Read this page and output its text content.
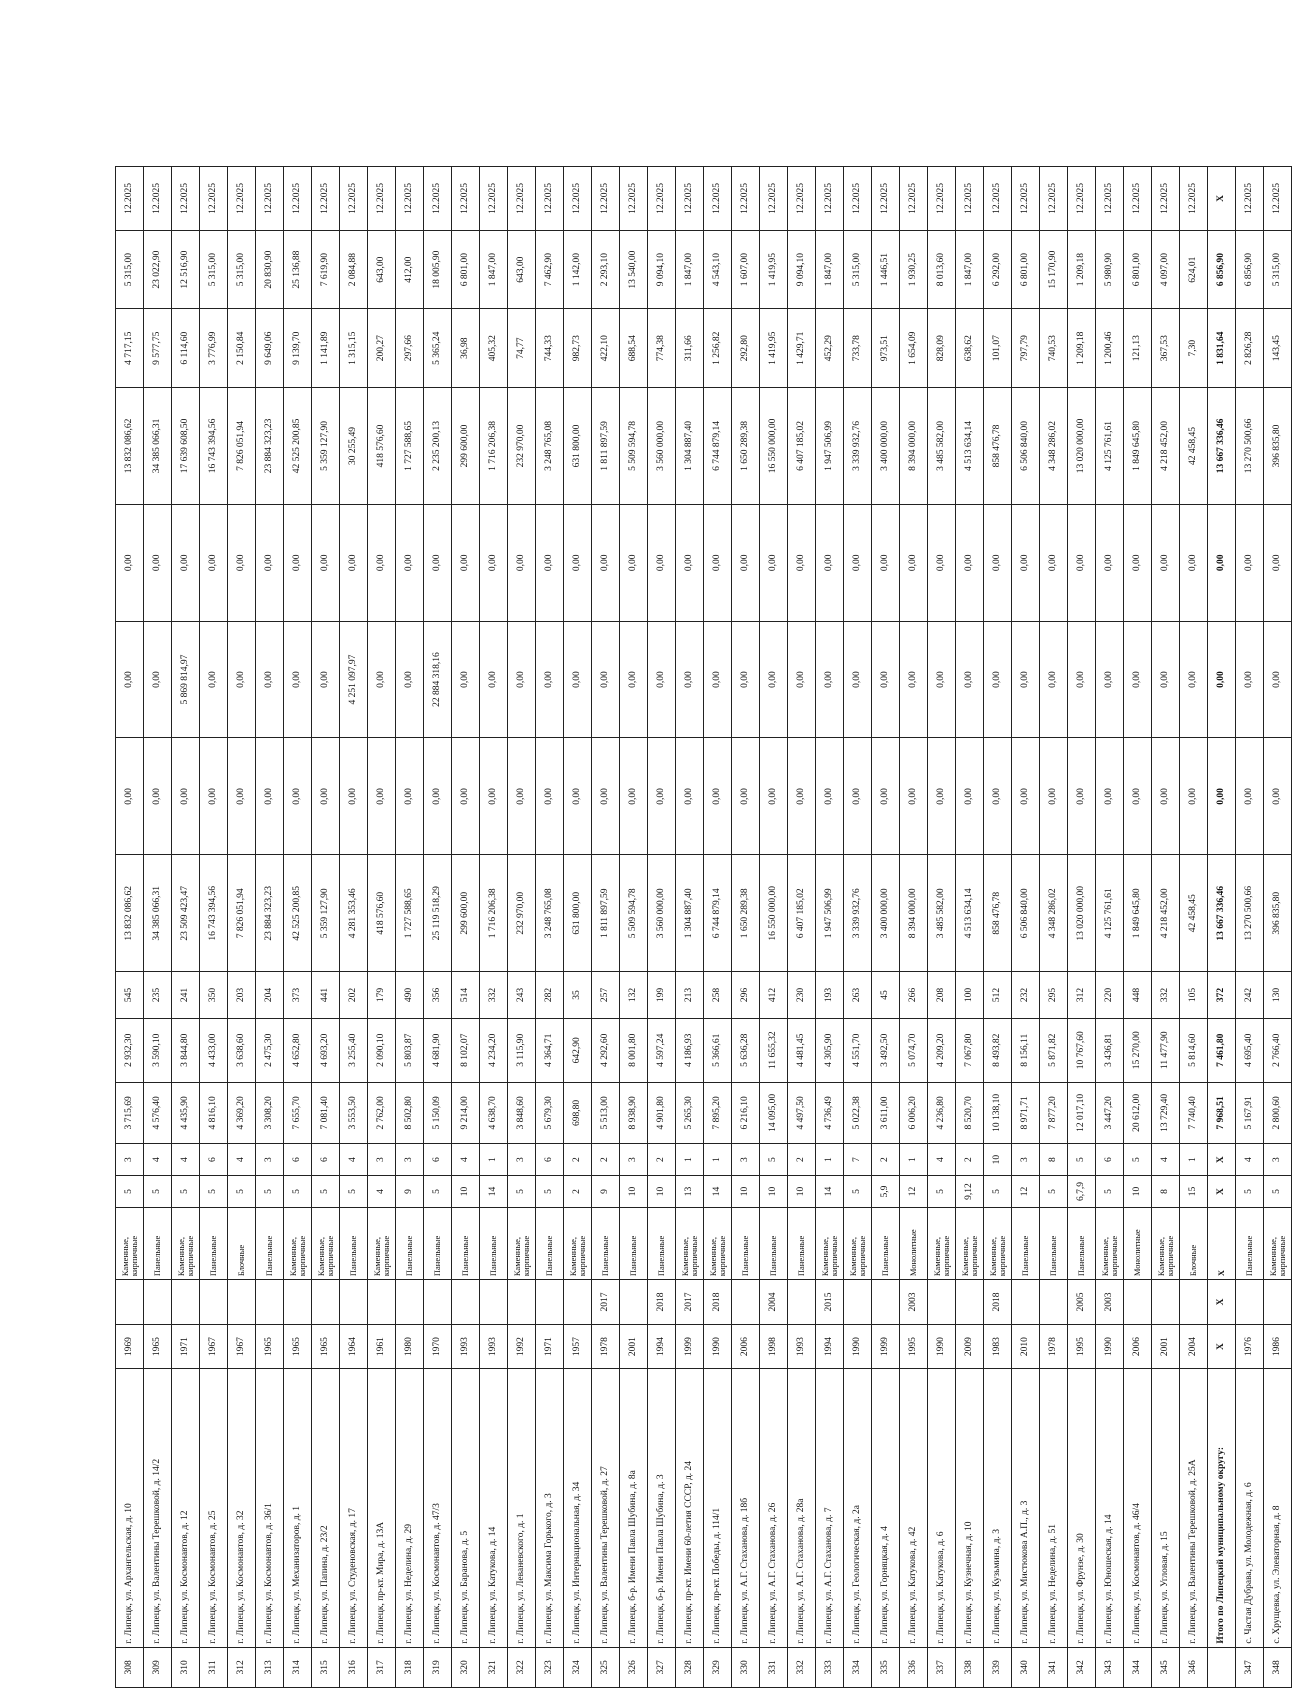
308	г. Липецк, ул. Архангельская, д. 10	1969		Каменные, кирпичные	5	3	3 715,69	2 932,30	545	13 832 086,62	0,00	0,00	0,00	13 832 086,62	4 717,15	5 315,00	12.2025
309	г. Липецк, ул. Валентины Терешковой, д. 14/2	1965		Панельные	5	4	4 576,40	3 590,10	235	34 385 066,31	0,00	0,00	0,00	34 385 066,31	9 577,75	23 022,90	12.2025
310	г. Липецк, ул. Космонавтов, д. 12	1971		Каменные, кирпичные	5	4	4 435,90	3 844,80	241	23 509 423,47	0,00	5 869 814,97	0,00	17 639 608,50	6 114,60	12 516,90	12.2025
311	г. Липецк, ул. Космонавтов, д. 25	1967		Панельные	5	6	4 816,10	4 433,00	350	16 743 394,56	0,00	0,00	0,00	16 743 394,56	3 776,99	5 315,00	12.2025
312	г. Липецк, ул. Космонавтов, д. 32	1967		Блочные	5	4	4 369,20	3 638,60	203	7 826 051,94	0,00	0,00	0,00	7 826 051,94	2 150,84	5 315,00	12.2025
313	г. Липецк, ул. Космонавтов, д. 36/1	1965		Панельные	5	3	3 308,20	2 475,30	204	23 884 323,23	0,00	0,00	0,00	23 884 323,23	9 649,06	20 830,90	12.2025
314	г. Липецк, ул. Механизаторов, д. 1	1965		Каменные, кирпичные	5	6	7 655,70	4 652,80	373	42 525 200,85	0,00	0,00	0,00	42 525 200,85	9 139,70	25 136,88	12.2025
315	г. Липецк, ул. Папина, д. 23/2	1965		Каменные, кирпичные	5	6	7 081,40	4 693,20	441	5 359 127,90	0,00	0,00	0,00	5 359 127,90	1 141,89	7 619,90	12.2025
316	г. Липецк, ул. Студеновская, д. 17	1964		Панельные	5	4	3 553,50	3 255,40	202	4 281 353,46	0,00	4 251 097,97	0,00	30 255,49	1 315,15	2 084,88	12.2025
317	г. Липецк, пр-кт. Мира, д. 13А	1961		Каменные, кирпичные	4	3	2 762,00	2 090,10	179	418 576,60	0,00	0,00	0,00	418 576,60	200,27	643,00	12.2025
318	г. Липецк, ул. Неделина, д. 29	1980		Панельные	9	3	8 502,80	5 803,87	490	1 727 588,65	0,00	0,00	0,00	1 727 588,65	297,66	412,00	12.2025
319	г. Липецк, ул. Космонавтов, д. 47/3	1970		Панельные	5	6	5 150,09	4 681,90	356	25 119 518,29	0,00	22 884 318,16	0,00	2 235 200,13	5 365,24	18 005,90	12.2025
320	г. Липецк, ул. Баранова, д. 5	1993		Панельные	10	4	9 214,00	8 102,07	514	299 600,00	0,00	0,00	0,00	299 600,00	36,98	6 801,00	12.2025
321	г. Липецк, ул. Катукова, д. 14	1993		Панельные	14	1	4 638,70	4 234,20	332	1 716 206,38	0,00	0,00	0,00	1 716 206,38	405,32	1 847,00	12.2025
322	г. Липецк, ул. Леваневского, д. 1	1992		Каменные, кирпичные	5	3	3 848,60	3 115,90	243	232 970,00	0,00	0,00	0,00	232 970,00	74,77	643,00	12.2025
323	г. Липецк, ул. Максима Горького, д. 3	1971		Панельные	5	6	5 679,30	4 364,71	282	3 248 765,08	0,00	0,00	0,00	3 248 765,08	744,33	7 462,90	12.2025
324	г. Липецк, ул. Интернациональная, д. 34	1957		Каменные, кирпичные	2	2	698,80	642,90	35	631 800,00	0,00	0,00	0,00	631 800,00	982,73	1 142,00	12.2025
325	г. Липецк, ул. Валентины Терешковой, д. 27	1978	2017	Панельные	9	2	5 513,00	4 292,60	257	1 811 897,59	0,00	0,00	0,00	1 811 897,59	422,10	2 293,10	12.2025
326	г. Липецк, б-р. Имени Павла Шубина, д. 8а	2001		Панельные	10	3	8 938,90	8 001,80	132	5 509 594,78	0,00	0,00	0,00	5 509 594,78	688,54	13 540,00	12.2025
327	г. Липецк, б-р. Имени Павла Шубина, д. 3	1994	2018	Панельные	10	2	4 901,80	4 597,24	199	3 560 000,00	0,00	0,00	0,00	3 560 000,00	774,38	9 094,10	12.2025
328	г. Липецк, пр-кт. Имени 60-летия СССР, д. 24	1999	2017	Каменные, кирпичные	13	1	5 265,30	4 186,93	213	1 304 887,40	0,00	0,00	0,00	1 304 887,40	311,66	1 847,00	12.2025
329	г. Липецк, пр-кт. Победы, д. 114/1	1990	2018	Каменные, кирпичные	14	1	7 895,20	5 366,61	258	6 744 879,14	0,00	0,00	0,00	6 744 879,14	1 256,82	4 543,10	12.2025
330	г. Липецк, ул. А.Г. Стаханова, д. 18б	2006		Панельные	10	3	6 216,10	5 636,28	296	1 650 289,38	0,00	0,00	0,00	1 650 289,38	292,80	1 607,00	12.2025
331	г. Липецк, ул. А.Г. Стаханова, д. 26	1998	2004	Панельные	10	5	14 095,00	11 655,32	412	16 550 000,00	0,00	0,00	0,00	16 550 000,00	1 419,95	1 419,95	12.2025
332	г. Липецк, ул. А.Г. Стаханова, д. 28а	1993		Панельные	10	2	4 497,50	4 481,45	230	6 407 185,02	0,00	0,00	0,00	6 407 185,02	1 429,71	9 094,10	12.2025
333	г. Липецк, ул. А.Г. Стаханова, д. 7	1994	2015	Каменные, кирпичные	14	1	4 736,49	4 305,90	193	1 947 506,99	0,00	0,00	0,00	1 947 506,99	452,29	1 847,00	12.2025
334	г. Липецк, ул. Геологическая, д. 2а	1990		Каменные, кирпичные	5	7	5 022,38	4 551,70	263	3 339 932,76	0,00	0,00	0,00	3 339 932,76	733,78	5 315,00	12.2025
335	г. Липецк, ул. Горняцкая, д. 4	1999		Панельные	5,9	2	3 611,00	3 492,50	45	3 400 000,00	0,00	0,00	0,00	3 400 000,00	973,51	1 446,51	12.2025
336	г. Липецк, ул. Катукова, д. 42	1995	2003	Монолитные	12	1	6 006,20	5 074,70	266	8 394 000,00	0,00	0,00	0,00	8 394 000,00	1 654,09	1 930,25	12.2025
337	г. Липецк, ул. Катукова, д. 6	1990		Каменные, кирпичные	5	4	4 236,80	4 209,20	208	3 485 582,00	0,00	0,00	0,00	3 485 582,00	828,09	8 013,60	12.2025
338	г. Липецк, ул. Кузнечная, д. 10	2009		Каменные, кирпичные	9,12	2	8 520,70	7 067,80	100	4 513 634,14	0,00	0,00	0,00	4 513 634,14	638,62	1 847,00	12.2025
339	г. Липецк, ул. Кузьмина, д. 3	1983	2018	Каменные, кирпичные	5	10	10 138,10	8 493,82	512	858 476,78	0,00	0,00	0,00	858 476,78	101,07	6 292,00	12.2025
340	г. Липецк, ул. Мистюкова А.П., д. 3	2010		Панельные	12	3	8 971,71	8 156,11	232	6 506 840,00	0,00	0,00	0,00	6 506 840,00	797,79	6 801,00	12.2025
341	г. Липецк, ул. Неделина, д. 51	1978		Панельные	5	8	7 877,20	5 871,82	295	4 348 286,02	0,00	0,00	0,00	4 348 286,02	740,53	15 170,90	12.2025
342	г. Липецк, ул. Фрунзе, д. 30	1995	2005	Панельные	6,7,9	5	12 017,10	10 767,60	312	13 020 000,00	0,00	0,00	0,00	13 020 000,00	1 209,18	1 209,18	12.2025
343	г. Липецк, ул. Юношеская, д. 14	1990	2003	Каменные, кирпичные	5	6	3 447,20	3 436,81	220	4 125 761,61	0,00	0,00	0,00	4 125 761,61	1 200,46	5 980,90	12.2025
344	г. Липецк, ул. Космонавтов, д. 46/4	2006		Монолитные	10	5	20 612,00	15 270,00	448	1 849 645,80	0,00	0,00	0,00	1 849 645,80	121,13	6 801,00	12.2025
345	г. Липецк, ул. Угловая, д. 15	2001		Каменные, кирпичные	8	4	13 729,40	11 477,90	332	4 218 452,00	0,00	0,00	0,00	4 218 452,00	367,53	4 097,00	12.2025
346	г. Липецк, ул. Валентины Терешковой, д. 25А	2004		Блочные	15	1	7 740,40	5 814,60	105	42 458,45	0,00	0,00	0,00	42 458,45	7,30	624,01	12.2025
	Итого по Липецкий муниципальному округу:	X	X	X	X	X	7 968,51	7 461,80	372	13 667 336,46	0,00	0,00	0,00	13 667 336,46	1 831,64	6 856,90	X
347	с. Частая Дубрава, ул. Молодежная, д. 6	1976		Панельные	5	4	5 167,91	4 695,40	242	13 270 500,66	0,00	0,00	0,00	13 270 500,66	2 826,28	6 856,90	12.2025
348	с. Хрущевка, ул. Элеваторная, д. 8	1986		Каменные, кирпичные	5	3	2 800,60	2 766,40	130	396 835,80	0,00	0,00	0,00	396 835,80	143,45	5 315,00	12.2025
